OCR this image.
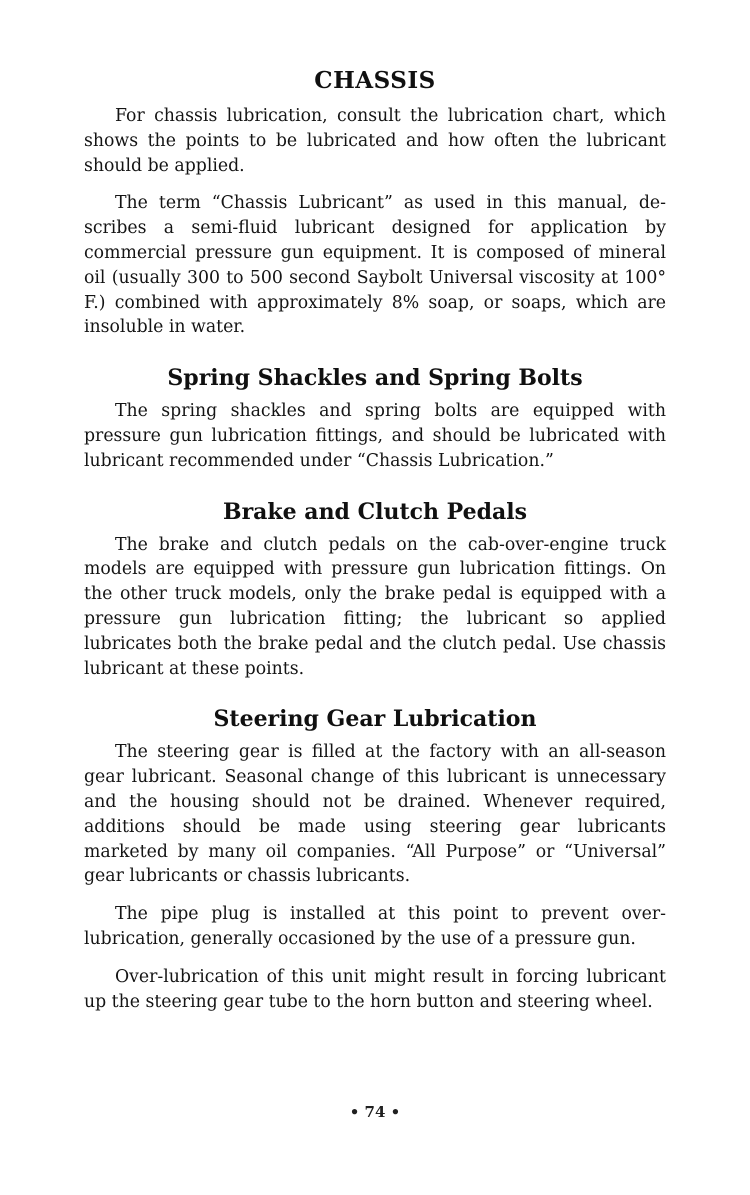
CHASSIS

For chassis lubrication, consult the lubrication chart, which shows the points to be lubricated and how often the lubricant should be applied.

The term “Chassis Lubricant” as used in this manual, describes a semi-fluid lubricant designed for application by commercial pressure gun equipment. It is composed of mineral oil (usually 300 to 500 second Saybolt Universal viscosity at 100° F.) combined with approximately 8% soap, or soaps, which are insoluble in water.

Spring Shackles and Spring Bolts

The spring shackles and spring bolts are equipped with pressure gun lubrication fittings, and should be lubricated with lubricant recommended under “Chassis Lubrication.”

Brake and Clutch Pedals

The brake and clutch pedals on the cab-over-engine truck models are equipped with pressure gun lubrication fittings. On the other truck models, only the brake pedal is equipped with a pressure gun lubrication fitting; the lubricant so applied lubricates both the brake pedal and the clutch pedal. Use chassis lubricant at these points.

Steering Gear Lubrication

The steering gear is filled at the factory with an all-season gear lubricant. Seasonal change of this lubricant is unnecessary and the housing should not be drained. Whenever required, additions should be made using steering gear lubricants marketed by many oil companies. “All Purpose” or “Universal” gear lubricants or chassis lubricants.

The pipe plug is installed at this point to prevent overlubrication, generally occasioned by the use of a pressure gun.

Over-lubrication of this unit might result in forcing lubricant up the steering gear tube to the horn button and steering wheel.

• 74 •
